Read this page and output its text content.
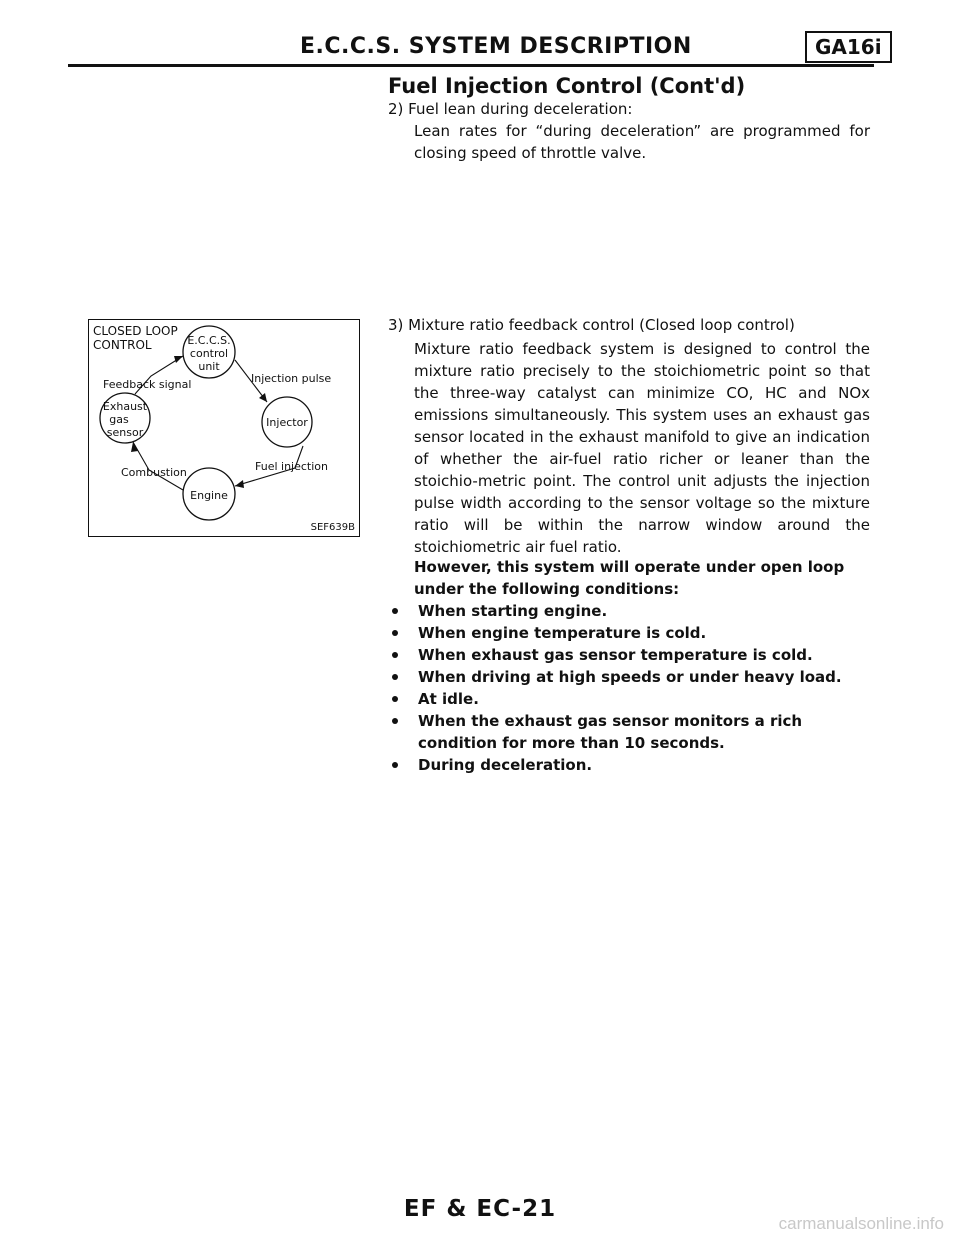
E.C.C.S. SYSTEM DESCRIPTION	GA16i
Fuel Injection Control (Cont'd)
2) Fuel lean during deceleration:
Lean rates for “during deceleration” are programmed for closing speed of throttle valve.
CLOSED LOOP
CONTROL	E.C.C.S.
control
unit
Feedback signal	Injection pulse
Exhaust
gas
sensor
Injector
Combustion	Fuel injection
Engine
SEF639B
3) Mixture ratio feedback control (Closed loop control)
Mixture ratio feedback system is designed to control the mixture ratio precisely to the stoichiometric point so that the three-way catalyst can minimize CO, HC and NOx emissions simultaneously. This system uses an exhaust gas sensor located in the exhaust manifold to give an indication of whether the air-fuel ratio richer or leaner than the stoichio-metric point. The control unit adjusts the injection pulse width according to the sensor voltage so the mixture ratio will be within the narrow window around the stoichiometric air fuel ratio.
However, this system will operate under open loop under the following conditions:
When starting engine.
When engine temperature is cold.
When exhaust gas sensor temperature is cold.
When driving at high speeds or under heavy load.
At idle.
When the exhaust gas sensor monitors a rich condition for more than 10 seconds.
During deceleration.
EF & EC-21
carmanualsonline.info
